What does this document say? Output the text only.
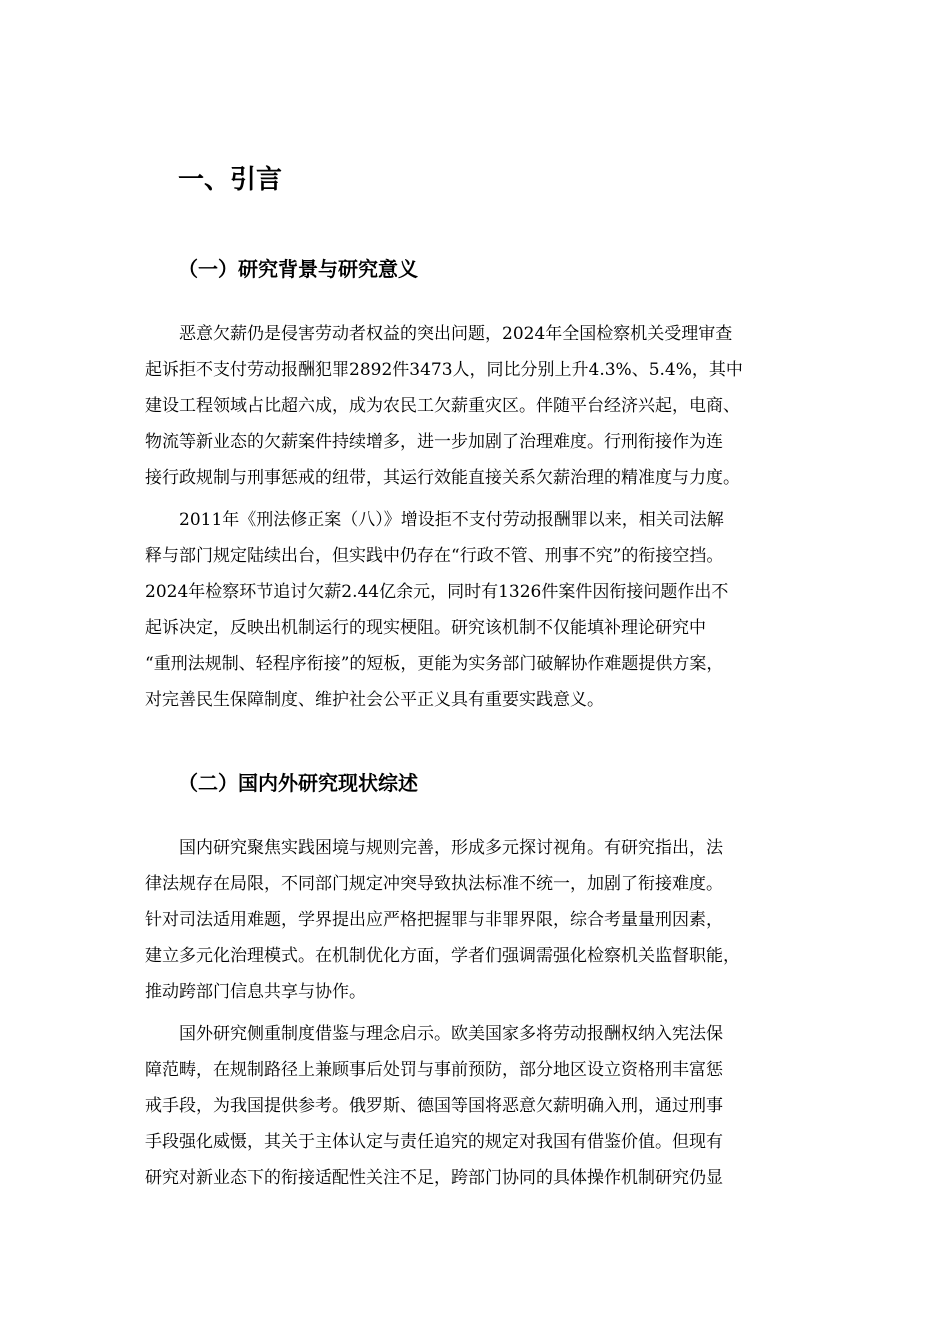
一、引言
（一）研究背景与研究意义

　　恶意欠薪仍是侵害劳动者权益的突出问题，2024年全国检察机关受理审查

起诉拒不支付劳动报酬犯罪2892件3473人，同比分别上升4.3%、5.4%，其中

建设工程领域占比超六成，成为农民工欠薪重灾区。伴随平台经济兴起，电商、

物流等新业态的欠薪案件持续增多，进一步加剧了治理难度。行刑衔接作为连

接行政规制与刑事惩戒的纽带，其运行效能直接关系欠薪治理的精准度与力度。

　　2011年《刑法修正案（八）》增设拒不支付劳动报酬罪以来，相关司法解

释与部门规定陆续出台，但实践中仍存在“行政不管、刑事不究”的衔接空挡。

2024年检察环节追讨欠薪2.44亿余元，同时有1326件案件因衔接问题作出不

起诉决定，反映出机制运行的现实梗阻。研究该机制不仅能填补理论研究中

“重刑法规制、轻程序衔接”的短板，更能为实务部门破解协作难题提供方案，

对完善民生保障制度、维护社会公平正义具有重要实践意义。

（二）国内外研究现状综述

　　国内研究聚焦实践困境与规则完善，形成多元探讨视角。有研究指出，法

律法规存在局限，不同部门规定冲突导致执法标准不统一，加剧了衔接难度。

针对司法适用难题，学界提出应严格把握罪与非罪界限，综合考量量刑因素，

建立多元化治理模式。在机制优化方面，学者们强调需强化检察机关监督职能，

推动跨部门信息共享与协作。

　　国外研究侧重制度借鉴与理念启示。欧美国家多将劳动报酬权纳入宪法保

障范畴，在规制路径上兼顾事后处罚与事前预防，部分地区设立资格刑丰富惩

戒手段，为我国提供参考。俄罗斯、德国等国将恶意欠薪明确入刑，通过刑事

手段强化威慑，其关于主体认定与责任追究的规定对我国有借鉴价值。但现有

研究对新业态下的衔接适配性关注不足，跨部门协同的具体操作机制研究仍显
